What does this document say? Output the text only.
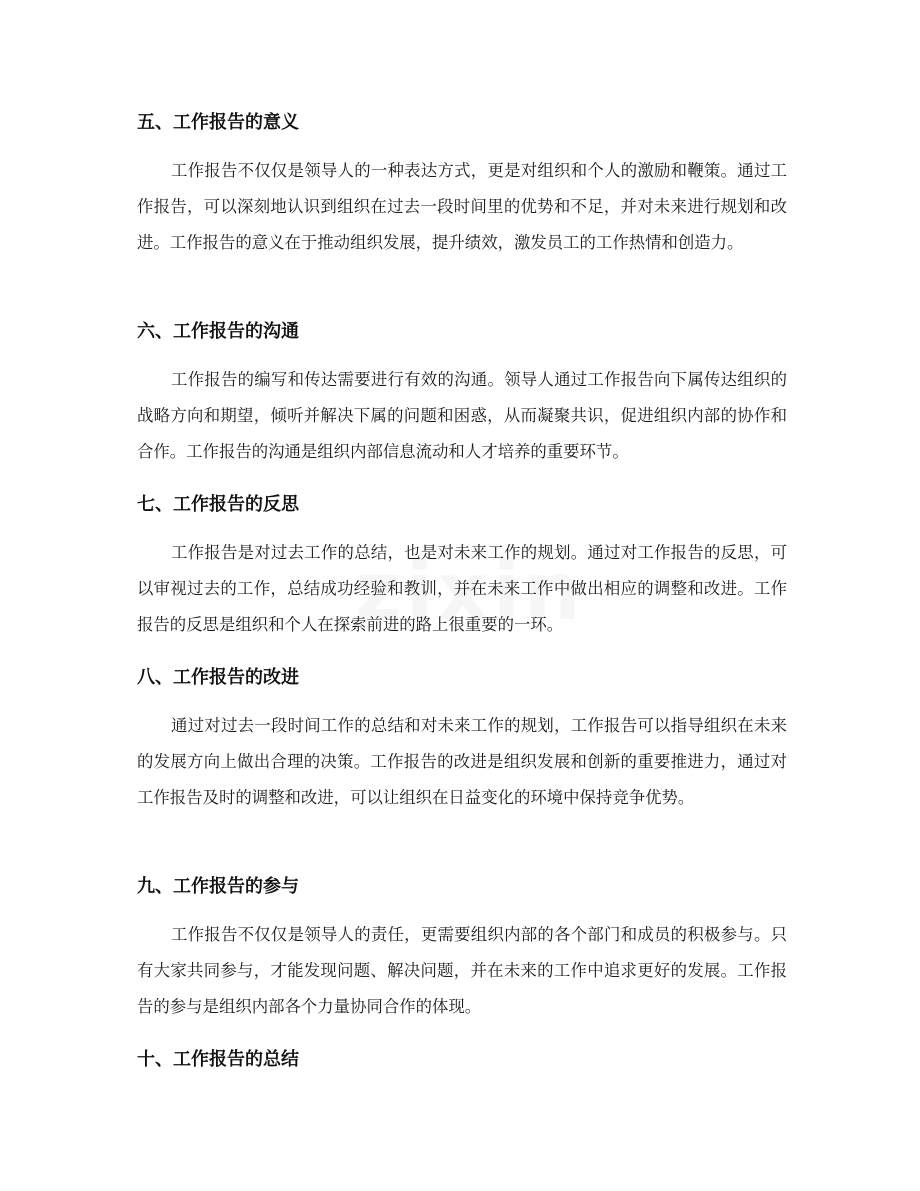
五、工作报告的意义

工作报告不仅仅是领导人的一种表达方式，更是对组织和个人的激励和鞭策。通过工作报告，可以深刻地认识到组织在过去一段时间里的优势和不足，并对未来进行规划和改进。工作报告的意义在于推动组织发展，提升绩效，激发员工的工作热情和创造力。

六、工作报告的沟通

工作报告的编写和传达需要进行有效的沟通。领导人通过工作报告向下属传达组织的战略方向和期望，倾听并解决下属的问题和困惑，从而凝聚共识，促进组织内部的协作和合作。工作报告的沟通是组织内部信息流动和人才培养的重要环节。

七、工作报告的反思

工作报告是对过去工作的总结，也是对未来工作的规划。通过对工作报告的反思，可以审视过去的工作，总结成功经验和教训，并在未来工作中做出相应的调整和改进。工作报告的反思是组织和个人在探索前进的路上很重要的一环。

八、工作报告的改进

通过对过去一段时间工作的总结和对未来工作的规划，工作报告可以指导组织在未来的发展方向上做出合理的决策。工作报告的改进是组织发展和创新的重要推进力，通过对工作报告及时的调整和改进，可以让组织在日益变化的环境中保持竞争优势。

九、工作报告的参与

工作报告不仅仅是领导人的责任，更需要组织内部的各个部门和成员的积极参与。只有大家共同参与，才能发现问题、解决问题，并在未来的工作中追求更好的发展。工作报告的参与是组织内部各个力量协同合作的体现。

十、工作报告的总结
